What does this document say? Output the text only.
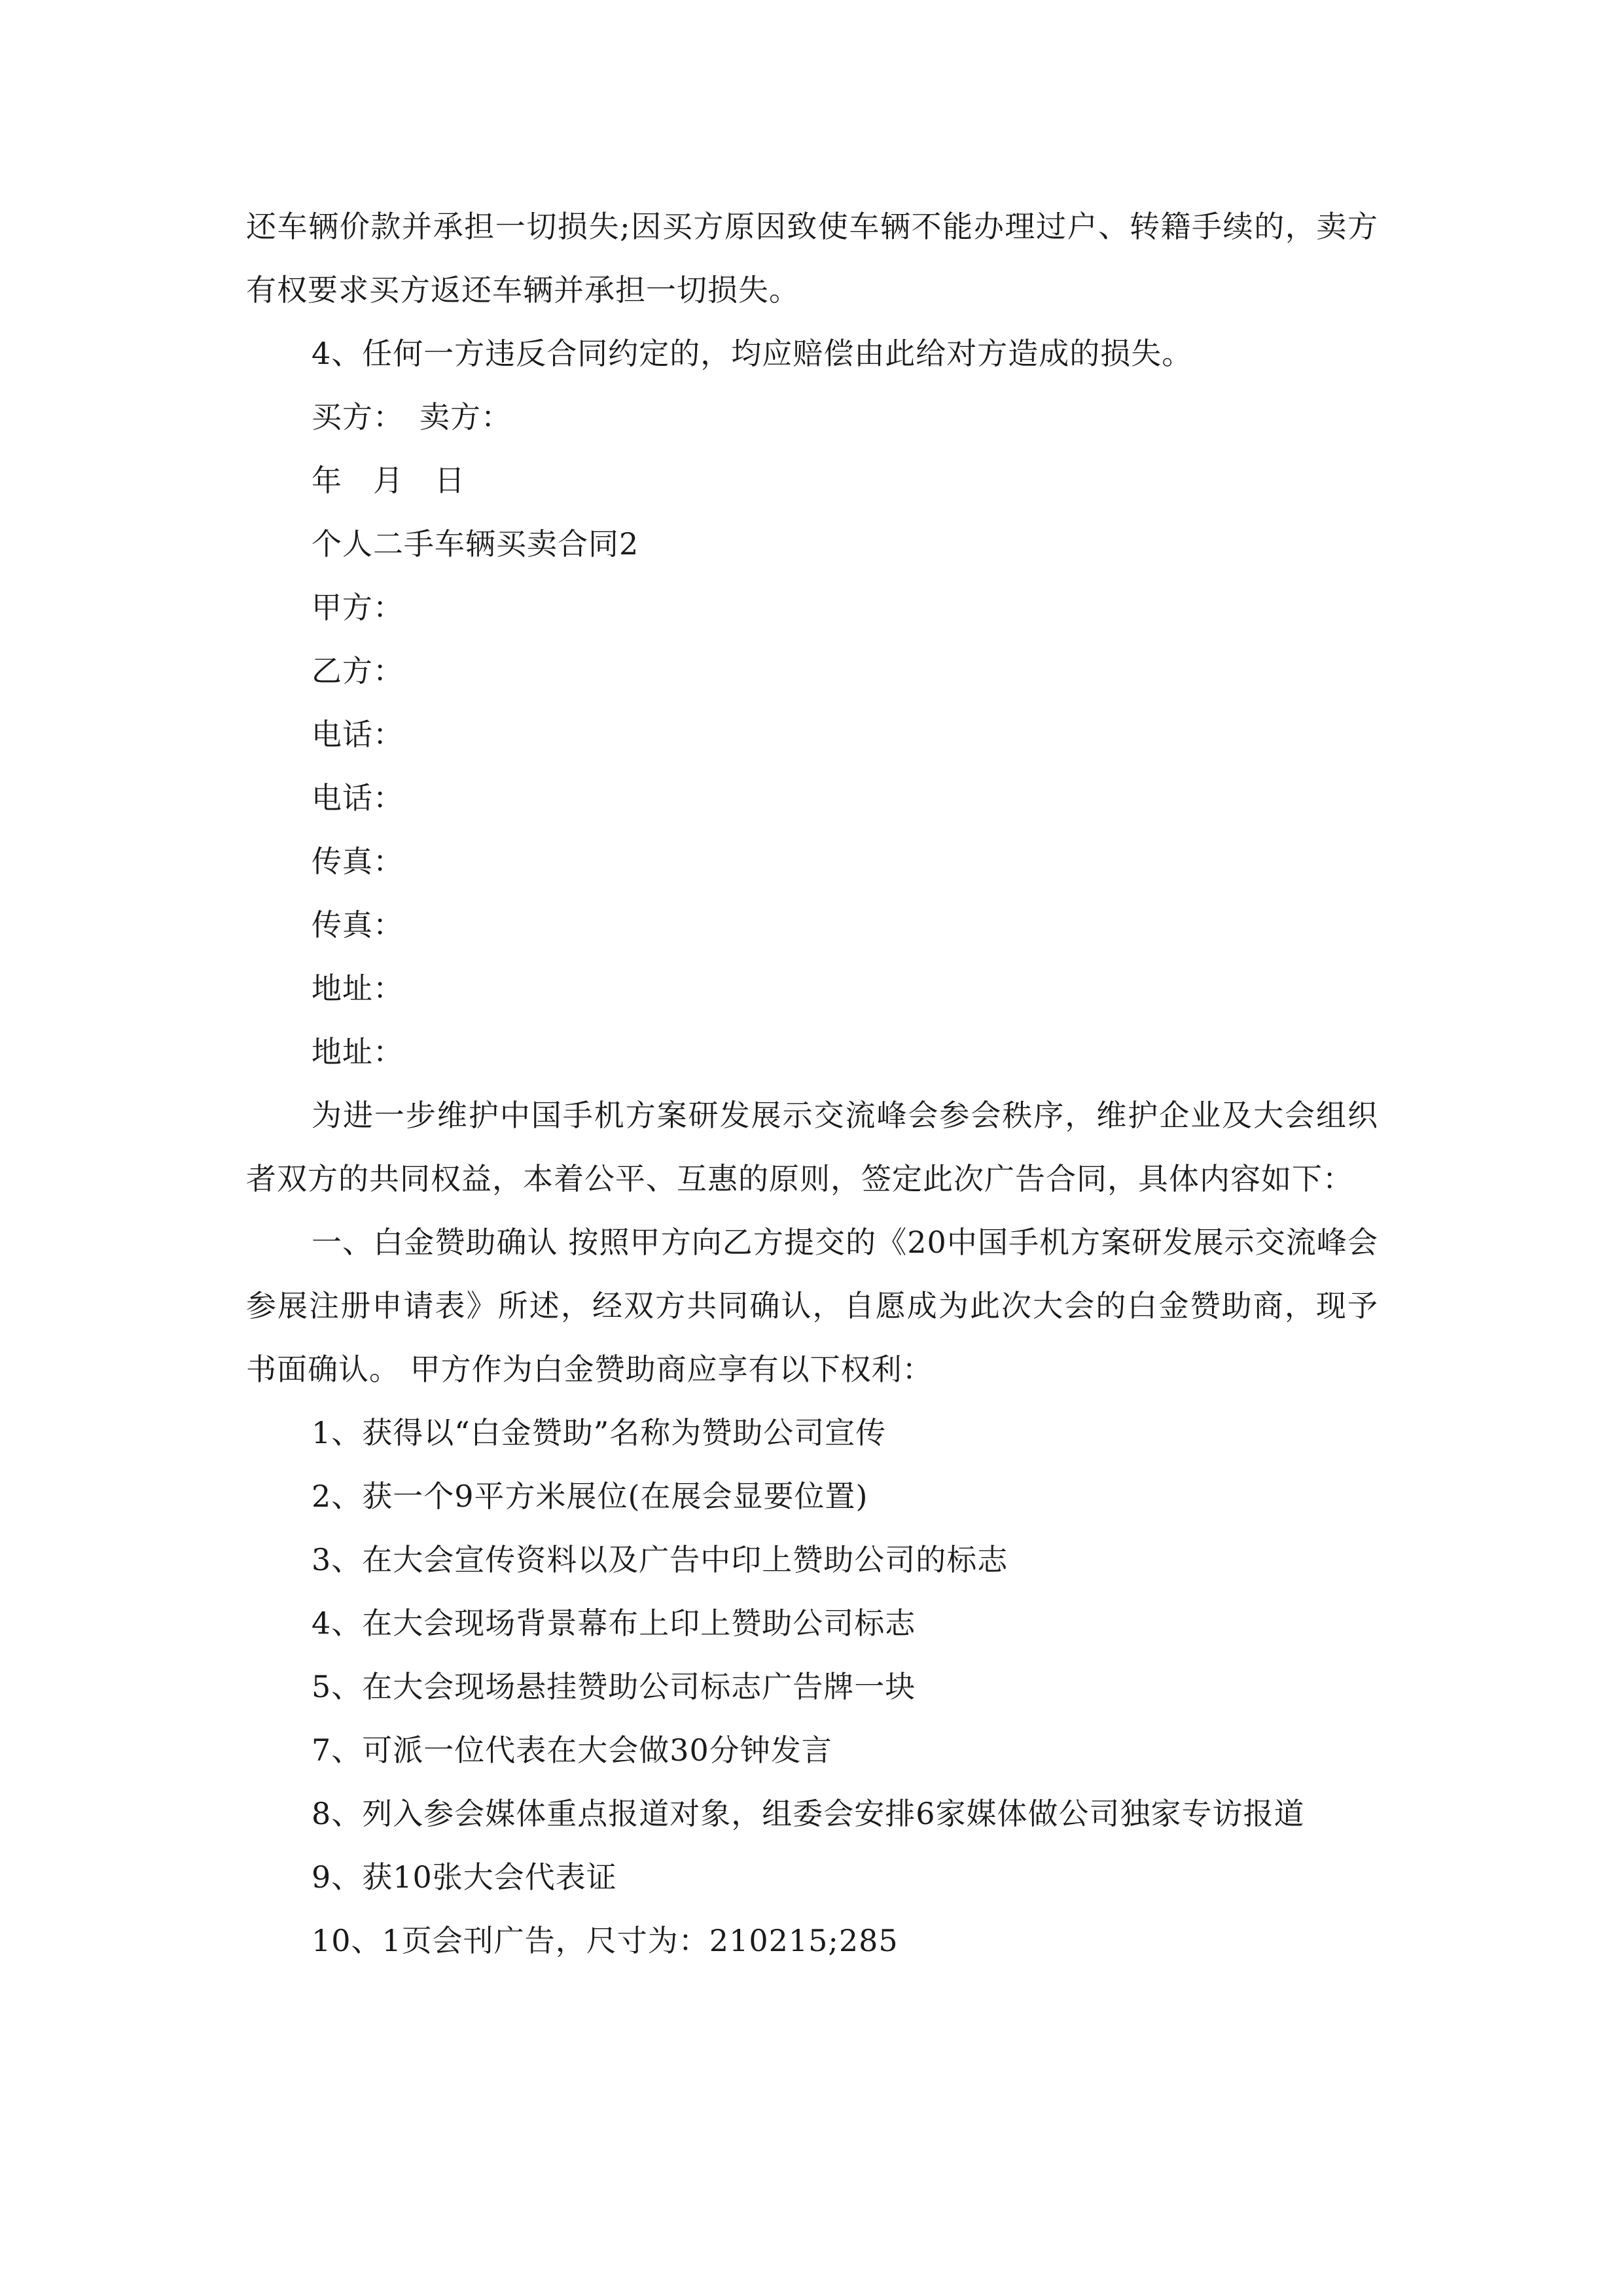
还车辆价款并承担一切损失;因买方原因致使车辆不能办理过户、转籍手续的，卖方有权要求买方返还车辆并承担一切损失。

4、任何一方违反合同约定的，均应赔偿由此给对方造成的损失。

买方：　卖方：

年　月　日

个人二手车辆买卖合同2

甲方：

乙方：

电话：

电话：

传真：

传真：

地址：

地址：

为进一步维护中国手机方案研发展示交流峰会参会秩序，维护企业及大会组织者双方的共同权益，本着公平、互惠的原则，签定此次广告合同，具体内容如下：

一、白金赞助确认 按照甲方向乙方提交的《20中国手机方案研发展示交流峰会参展注册申请表》所述，经双方共同确认，自愿成为此次大会的白金赞助商，现予书面确认。 甲方作为白金赞助商应享有以下权利：

1、获得以“白金赞助”名称为赞助公司宣传

2、获一个9平方米展位(在展会显要位置)

3、在大会宣传资料以及广告中印上赞助公司的标志

4、在大会现场背景幕布上印上赞助公司标志

5、在大会现场悬挂赞助公司标志广告牌一块

7、可派一位代表在大会做30分钟发言

8、列入参会媒体重点报道对象，组委会安排6家媒体做公司独家专访报道

9、获10张大会代表证

10、1页会刊广告，尺寸为：210215;285
